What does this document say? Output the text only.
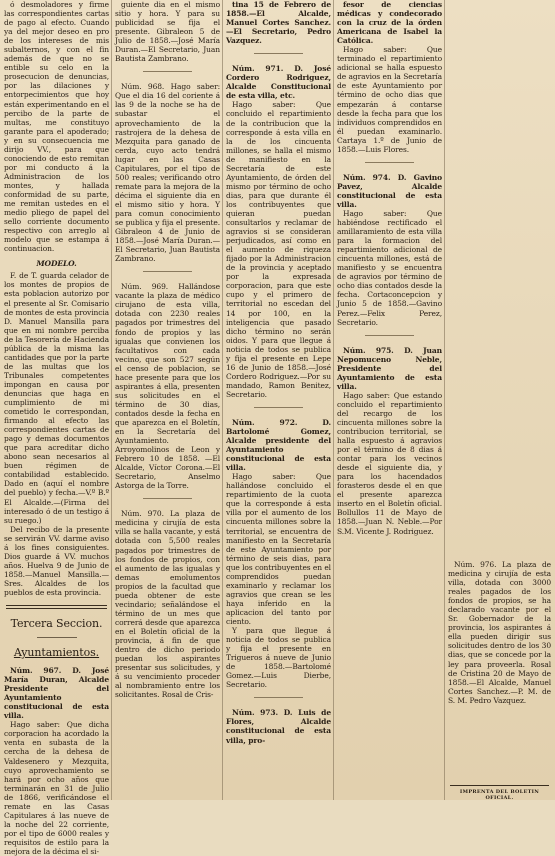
ó desmoladores y firme las correspondientes cartas de pago al efecto. Cuando ya del mejor deseo en pro de los intereses de mis subalternos, y con el fin además de que no se entible su celo en la prosecucion de denuncias, por las dilaciones y entorpecimientos que hoy están experimentando en el percibo de la parte de multas, me constituyo garante para el apoderado; y en su consecuencia me dirijo VV., para que conociendo de esto remitan por mi conducto á la Administracion de los montes, y hallada conformidad de su parte, me remitan ustedes en el medio pliego de papel del sello corriente documento respectivo con arreglo al modelo que se estampa á continuacion.

MODELO.

F. de T. guarda celador de los montes de propios de esta poblacion autorizo por el presente al Sr. Comisario de montes de esta provincia D. Manuel Mansilla para que en mi nombre perciba de la Tesorería de Hacienda pública de la misma las cantidades que por la parte de las multas que los Tribunales competentes impongan en causa por denuncias que haga en cumplimiento de mi cometido le correspondan, firmando al efecto las correspondientes cartas de pago y demas documentos que para acreditar dicho abono sean necesarios al buen régimen de contabilidad establecido. Dado en (aquí el nombre del pueblo) y fecha.—V.º B.º El Alcalde.—(Firma del interesado ó de un testigo á su ruego.)

Del recibo de la presente se servirán VV. darme aviso á los fines consiguientes. Dios guarde á VV. muchos años. Huelva 9 de Junio de 1858.—Manuel Mansilla.—Sres. Alcaldes de los pueblos de esta provincia.

Tercera Seccion.

Ayuntamientos.

Núm. 967. D. José María Duran, Alcalde Presidente del Ayuntamiento constitucional de esta villa.

Hago saber: Que dicha corporacion ha acordado la venta en subasta de la cercha de la dehesa de Valdesenero y Mezquita, cuyo aprovechamiento se hará por ocho años que terminarán en 31 de Julio de 1866, verificándose el remate en las Casas Capitulares á las nueve de la noche del 22 corriente, por el tipo de 6000 reales y requisitos de estilo para la mejora de la décima el si-

guiente dia en el mismo sitio y hora. Y para su publicidad se fija el presente. Gibraleon 5 de Julio de 1858.—José María Duran.—El Secretario, Juan Bautista Zambrano.

Núm. 968. Hago saber: Que el dia 16 del coriente á las 9 de la noche se ha de subastar el aprovechamiento de la rastrojera de la dehesa de Mezquita para ganado de cerda, cuyo acto tendrá lugar en las Casas Capitulares, por el tipo de 500 reales; verificando otro remate para la mejora de la décima el siguiente dia en el mismo sitio y hora. Y para comun conocimiento se publica y fija el presente. Gibraleon 4 de Junio de 1858.—José María Duran.—El Secretario, Juan Bautista Zambrano.

Núm. 969. Hallándose vacante la plaza de médico cirujano de esta villa, dotada con 2230 reales pagados por trimestres del fondo de propios y las igualas que convienen los facultativos con cada vecino, que son 527 según el censo de poblacion, se hace presente para que los aspirantes á ella, presenten sus solicitudes en el término de 30 dias, contados desde la fecha en que aparezca en el Boletín, en la Secretaría del Ayuntamiento. Arroyomolinos de Leon y Febrero 10 de 1858. —El Alcalde, Víctor Corona.—El Secretario, Anselmo Astorga de la Torre.

Núm. 970. La plaza de medicina y cirujía de esta villa se halla vacante, y está dotada con 5,500 reales pagados por trimestres de los fondos de propios, con el aumento de las igualas y demas emolumentos propios de la facultad que pueda obtener de este vecindario; señalándose el término de un mes que correrá desde que aparezca en el Boletín oficial de la provincia, á fin de que dentro de dicho periodo puedan los aspirantes presentar sus solicitudes, y á su vencimiento proceder al nombramiento entre los solicitantes. Rosal de Cris-

tina 15 de Febrero de 1858.—El Alcalde, Manuel Cortes Sanchez.—El Secretario, Pedro Vazquez.

Núm. 971. D. José Cordero Rodriguez, Alcalde Constitucional de esta villa, etc.

Hago saber: Que concluido el repartimiento de la contribucion que la corresponde á esta villa en la de los cincuenta millones, se halla el mismo de manifiesto en la Secretaría de este Ayuntamiento, de órden del mismo por término de ocho dias, para que durante él los contribuyentes que quieran puedan consultarlos y reclamar de agravios si se consideran perjudicados, así como en el aumento de riqueza fijado por la Administracion de la provincia y aceptado por la expresada corporacion, para que este cupo y el primero de territorial no escedan del 14 por 100, en la inteligencia que pasado dicho término no serán oidos. Y para que llegue á noticia de todos se publica y fija el presente en Lepe 16 de Junio de 1858.—José Cordero Rodriguez.—Por su mandado, Ramon Benitez, Secretario.

Núm. 972. D. Bartolomé Gomez, Alcalde presidente del Ayuntamiento constitucional de esta villa.

Hago saber: Que hallándose concluido el repartimiento de la cuota que la corresponde á esta villa por el aumento de los cincuenta millones sobre la territorial, se encuentra de manifiesto en la Secretaría de este Ayuntamiento por término de seis dias, para que los contribuyentes en el comprendidos puedan examinarlo y reclamar los agravios que crean se les haya inferido en la aplicacion del tanto por ciento.

Y para que llegue á noticia de todos se publica y fija el presente en Trigueros á nueve de Junio de 1858.—Bartolomé Gomez.—Luis Dierbe, Secretario.

Núm. 973. D. Luis de Flores, Alcalde constitucional de esta villa, pro-

fesor de ciencias médicas y condecorado con la cruz de la órden Americana de Isabel la Católica.

Hago saber: Que terminado el repartimiento adicional se halla espuesto de agravios en la Secretaría de este Ayuntamiento por término de ocho dias que empezarán á contarse desde la fecha para que los individuos comprendidos en él puedan examinarlo. Cartaya 1.º de Junio de 1858.—Luis Flores.

Núm. 974. D. Gavino Pavez, Alcalde constitucional de esta villa.

Hago saber: Que habiéndose rectificado el amillaramiento de esta villa para la formacion del repartimiento adicional de cincuenta millones, está de manifiesto y se encuentra de agravios por término de ocho dias contados desde la fecha. Cortaconcepcion y Junio 5 de 1858.—Gavino Perez.—Felix Perez, Secretario.

Núm. 975. D. Juan Nepomuceno Neble, Presidente del Ayuntamiento de esta villa.

Hago saber: Que estando concluido el repartimiento del recargo de los cincuenta millones sobre la contribucion territorial, se halla espuesto á agravios por el término de 8 dias á contar para los vecinos desde el siguiente dia, y para los hacendados forasteros desde el en que el presente aparezca inserto en el Boletín oficial. Bollullos 11 de Mayo de 1858.—Juan N. Neble.—Por S.M. Vicente J. Rodriguez.

Núm. 976. La plaza de medicina y cirujía de esta villa, dotada con 3000 reales pagados de los fondos de propios, se ha declarado vacante por el Sr. Gobernador de la provincia, los aspirantes á ella pueden dirigir sus solicitudes dentro de los 30 dias, que se concede por la ley para proveerla. Rosal de Cristina 20 de Mayo de 1858.—El Alcalde, Manuel Cortes Sanchez.—P. M. de S. M. Pedro Vazquez.

IMPRENTA DEL BOLETIN OFICIAL.
